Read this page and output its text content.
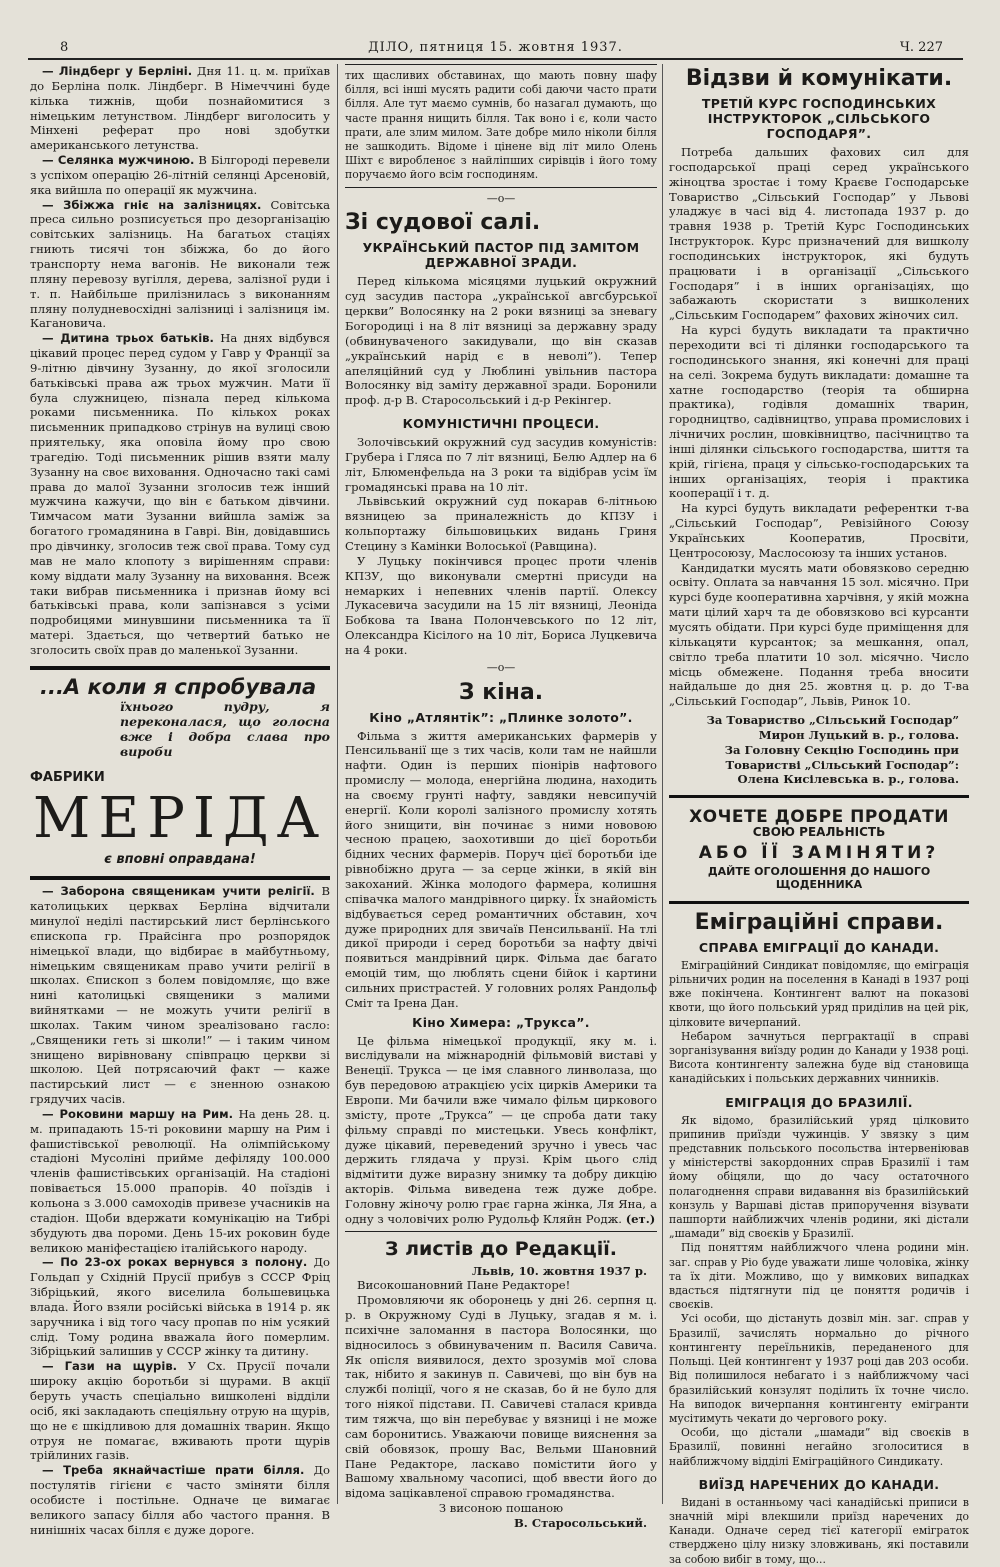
8	ДІЛО, пятниця 15. жовтня 1937.	Ч. 227

— Ліндберг у Берліні. Дня 11. ц. м. приїхав до Берліна полк. Ліндберг. В Німеччині буде кілька тижнів, щоби познайомитися з німецьким летунством. Ліндберг виголосить у Мінхені реферат про нові здобутки американського летунства.

— Селянка мужчиною. В Білгороді перевели з успіхом операцію 26-літній селянці Арсеновій, яка вийшла по операції як мужчина.

— Збіжжа гніє на залізницях. Совітська преса сильно розписується про дезорганізацію совітських залізниць. На багатьох стаціях гниють тисячі тон збіжжа, бо до його транспорту нема вагонів. Не виконали теж пляну перевозу вугілля, дерева, залізної руди і т. п. Найбільше прилізнилась з виконанням пляну полудневосхідні залізниці і залізниця ім. Кагановича.

— Дитина трьох батьків. На днях відбувся цікавий процес перед судом у Гавр у Франції за 9-літню дівчину Зузанну, до якої зголосили батьківські права аж трьох мужчин. Мати її була служницею, пізнала перед кількома роками письменника. По кількох роках письменник припадково стрінув на вулиці свою приятельку, яка оповіла йому про свою трагедію. Тоді письменник рішив взяти малу Зузанну на своє виховання. Одночасно такі самі права до малої Зузанни зголосив теж інший мужчина кажучи, що він є батьком дівчини. Тимчасом мати Зузанни вийшла заміж за богатого громадянина в Гаврі. Він, довідавшись про дівчинку, зголосив теж свої права. Тому суд мав не мало клопоту з вирішенням справи: кому віддати малу Зузанну на виховання. Всеж таки вибрав письменника і признав йому всі батьківські права, коли запізнався з усіми подробицями минувшини письменника та її матері. Здається, що четвертий батько не зголосить своїх прав до маленької Зузанни.

...А коли я спробувала
їхнього пудру, я переконалася, що голосна вже і добра слава про вироби
ФАБРИКИ
МЕРІДА
є вповні оправдана!

— Заборона священикам учити релігії. В католицьких церквах Берліна відчитали минулої неділі пастирський лист берлінського єпископа гр. Прайсінга про розпорядок німецької влади, що відбирає в майбутньому, німецьким священикам право учити релігії в школах. Єпископ з болем повідомляє, що вже нині католицькі священики з малими вийнятками — не можуть учити релігії в школах. Таким чином зреалізовано гасло: „Священики геть зі школи!” — і таким чином знищено вирівновану співпрацю церкви зі школою. Цей потрясаючий факт — каже пастирський лист — є зненною ознакою грядучих часів.

— Роковини маршу на Рим. На день 28. ц. м. припадають 15-ті роковини маршу на Рим і фашистівської революції. На олімпійському стадіоні Мусоліні прийме дефіляду 100.000 членів фашистівських організацій. На стадіоні повівається 15.000 прапорів. 40 поїздів і кольона з 3.000 самоходів привезе учасників на стадіон. Щоби вдержати комунікацію на Тибрі збудують два пороми. День 15-их роковин буде великою маніфестацією італійського народу.

— По 23-ох роках вернувся з полону. До Гольдап у Східній Прусії прибув з СССР Фріц Зібріцький, якого виселила большевицька влада. Його взяли російські війська в 1914 р. як заручника і від того часу пропав по нім усякий слід. Тому родина вважала його померлим. Зібріцький залишив у СССР жінку та дитину.

— Гази на щурів. У Сх. Прусії почали широку акцію боротьби зі щурами. В акції беруть участь спеціально вишколені відділи осіб, які закладають спеціяльну отрую на щурів, що не є шкідливою для домашніх тварин. Якщо отруя не помагає, вживають проти щурів трійлиних газів.

— Треба якнайчастіше прати білля. До постулятів гігієни є часто зміняти білля особисте і постільне. Одначе це вимагає великого запасу білля або частого прання. В нинішніх часах білля є дуже дороге.

тих щасливих обставинах, що мають повну шафу білля, всі інші мусять радити собі даючи часто прати білля. Але тут маємо сумнів, бо назагал думають, що часте прання нищить білля. Так воно і є, коли часто прати, але злим милом. Зате добре мило ніколи білля не зашкодить. Відоме і цінене від літ мило Олень Шіхт є виробленоє з найліпших сирівців і його тому поручаємо його всім господиням.

—о—
Зі судової салі.
УКРАЇНСЬКИЙ ПАСТОР ПІД ЗАМІТОМ ДЕРЖАВНОЇ ЗРАДИ.

Перед кількома місяцями луцький окружний суд засудив пастора „української авгсбурської церкви” Волосянку на 2 роки вязниці за зневагу Богородиці і на 8 літ вязниці за державну зраду (обвинуваченого закидували, що він сказав „український нарід є в неволі”). Тепер апеляційний суд у Люблині увільнив пастора Волосянку від заміту державної зради. Боронили проф. д-р В. Старосольський і д-р Рекінгер.

КОМУНІСТИЧНІ ПРОЦЕСИ.

Золочівський окружний суд засудив комуністів: Грубера і Гляса по 7 літ вязниці, Белю Адлер на 6 літ, Блюменфельда на 3 роки та відібрав усім їм громадянські права на 10 літ.

Львівський окружний суд покарав 6-літньою вязницею за приналежність до КПЗУ і кольпортажу більшовицьких видань Гриня Стецину з Камінки Волоської (Равщина).

У Луцьку покінчився процес проти членів КПЗУ, що виконували смертні присуди на немарких і непевних членів партії. Олексу Лукасевича засудили на 15 літ вязниці, Леоніда Бобкова та Івана Полончевського по 12 літ, Олександра Кісілого на 10 літ, Бориса Луцкевича на 4 роки.

—о—
З кіна.
Кіно „Атлянтік”: „Плинке золото”.

Фільма з життя американських фармерів у Пенсильванії ще з тих часів, коли там не найшли нафти. Один із перших піонірів нафтового промислу — молода, енергійна людина, находить на своєму грунті нафту, завдяки невсипучій енергії. Коли королі залізного промислу хотять його знищити, він починає з ними нововою чесною працею, заохотивши до цієї боротьби бідних чесних фармерів. Поруч цієї боротьби іде рівнобіжно друга — за серце жінки, в якій він закоханий. Жінка молодого фармера, колишня співачка малого мандрівного цирку. Їх знайомість відбувається серед романтичних обставин, хоч дуже природних для звичаїв Пенсильванії. На тлі дикої природи і серед боротьби за нафту двічі появиться мандрівний цирк. Фільма дає багато емоцій тим, що люблять сцени бійок і картини сильних пристрастей. У головних ролях Рандольф Сміт та Ірена Дан.

Кіно Химера: „Трукса”.

Це фільма німецької продукції, яку м. і. вислідували на міжнародній фільмовій виставі у Венеції. Трукса — це імя славного линволаза, що був передовою атракцією усіх цирків Америки та Европи. Ми бачили вже чимало фільм циркового змісту, проте „Трукса” — це спроба дати таку фільму справді по мистецьки. Увесь конфлікт, дуже цікавий, переведений зручно і увесь час держить глядача у прузі. Крім цього слід відмітити дуже виразну знимку та добру дикцію акторів. Фільма виведена теж дуже добре. Головну жіночу ролю грає гарна жінка, Ля Яна, а одну з чоловічих ролю Рудольф Кляйн Родж. (ет.)

З листів до Редакції.
Львів, 10. жовтня 1937 р.

Високошановний Пане Редакторе!

Промовляючи як оборонець у дні 26. серпня ц. р. в Окружному Суді в Луцьку, згадав я м. і. психічне заломання в пастора Волосянки, що відносилось з обвинуваченим п. Василя Савича. Як опісля виявилося, дехто зрозумів мої слова так, нібито я закинув п. Савичеві, що він був на службі поліції, чого я не сказав, бо й не було для того ніякої підстави. П. Савичеві сталася кривда тим тяжча, що він перебуває у вязниці і не може сам боронитись. Уважаючи повище вияснення за свій обовязок, прошу Вас, Вельми Шановний Пане Редакторе, ласкаво помістити його у Вашому хвальному часописі, щоб ввести його до відома зацікавленої справою громадянства.

З висоною пошаною
В. Старосольський.
Відзви й комунікати.
ТРЕТІЙ КУРС ГОСПОДИНСЬКИХ ІНСТРУКТОРОК „СІЛЬСЬКОГО ГОСПОДАРЯ”.

Потреба дальших фахових сил для господарської праці серед українського жіноцтва зростає і тому Краєве Господарське Товариство „Сільський Господар” у Львові уладжує в часі від 4. листопада 1937 р. до травня 1938 р. Третій Курс Господинських Інструкторок. Курс призначений для вишколу господинських інструкторок, які будуть працювати і в організації „Сільського Господаря” і в інших організаціях, що забажають скористати з вишколених „Сільським Господарем” фахових жіночих сил.

На курсі будуть викладати та практично переходити всі ті ділянки господарського та господинського знання, які конечні для праці на селі. Зокрема будуть викладати: домашне та хатне господарство (теорія та обширна практика), годівля домашніх тварин, городництво, садівництво, управа промислових і лічничих рослин, шовківництво, пасічництво та інші ділянки сільського господарства, шиття та крій, гігієна, праця у сільсько-господарських та інших організаціях, теорія і практика кооперації і т. д.

На курсі будуть викладати референтки т-ва „Сільський Господар”, Ревізійного Союзу Українських Кооператив, Просвіти, Центросоюзу, Маслосоюзу та інших установ.

Кандидатки мусять мати обовязково середню освіту. Оплата за навчання 15 зол. місячно. При курсі буде кооперативна харчівня, у якій можна мати цілий харч та де обовязково всі курсанти мусять обідати. При курсі буде приміщення для кількацяти курсанток; за мешкання, опал, світло треба платити 10 зол. місячно. Число місць обмежене. Подання треба вносити найдальше до дня 25. жовтня ц. р. до Т-ва „Сільський Господар”, Львів, Ринок 10.

За Товариство „Сільський Господар”
Мирон Луцький в. р., голова.
За Головну Секцію Господинь при Товаристві „Сільський Господар”:
Олена Кисілевська в. р., голова.
ХОЧЕТЕ ДОБРЕ ПРОДАТИ
СВОЮ РЕАЛЬНІСТЬ
АБО ЇЇ ЗАМІНЯТИ?
ДАЙТЕ ОГОЛОШЕННЯ ДО НАШОГО ЩОДЕННИКА
Еміграційні справи.
СПРАВА ЕМІГРАЦІЇ ДО КАНАДИ.

Еміграційний Синдикат повідомляє, що еміграція рільничих родин на поселення в Канаді в 1937 році вже покінчена. Контингент валют на показові квоти, що його польський уряд приділив на цей рік, цілковите вичерпаний.

Небаром зачнуться перграктації в справі зорганізування виїзду родин до Канади у 1938 році. Висота контингенту залежна буде від становища канадійських і польських державних чинників.

ЕМІГРАЦІЯ ДО БРАЗИЛІЇ.

Як відомо, бразилійський уряд цілковито припинив приїзди чужинців. У звязку з цим представник польського посольства інтервеніював у міністерстві закордонних справ Бразилії і там йому обіцяли, що до часу остаточного полагоднення справи видавання віз бразилійський конзуль у Варшаві дістав припоручення візувати пашпорти найближчих членів родини, які дістали „шамади” від своєків у Бразилії.

Під поняттям найближчого члена родини мін. заг. справ у Ріо буде уважати лише чоловіка, жінку та їх діти. Можливо, що у вимкових випадках вдасться підтягнути під це поняття родичів і своєків.

Усі особи, що дістануть дозвіл мін. заг. справ у Бразилії, зачислять нормально до річного контингенту переїльників, переданеного для Польщі. Цей контингент у 1937 році дав 203 особи. Від полишилося небагато і з найближчому часі бразилійський конзулят поділить їх точне число. На виподок вичерпання контингенту емігранти мусітимуть чекати до чергового року.

Особи, що дістали „шамади” від своєків в Бразилії, повинні негайно зголоситися в найближчому відділі Еміграційного Синдикату.

ВИЇЗД НАРЕЧЕНИХ ДО КАНАДИ.

Видані в останньому часі канадійські приписи в значній мірі влекшили приїзд наречених до Канади. Одначе серед тієї категорії еміграток стверджено цілу низку зловживань, які поставили за собою вибіг в тому, що...
